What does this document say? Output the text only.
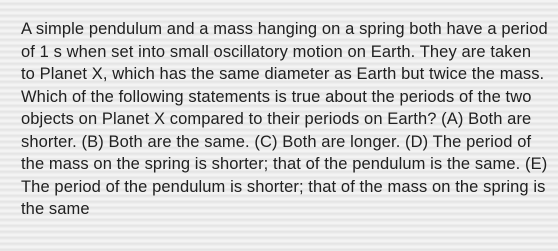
A simple pendulum and a mass hanging on a spring both have a period of 1 s when set into small oscillatory motion on Earth. They are taken to Planet X, which has the same diameter as Earth but twice the mass. Which of the following statements is true about the periods of the two objects on Planet X compared to their periods on Earth? (A) Both are shorter. (B) Both are the same. (C) Both are longer. (D) The period of the mass on the spring is shorter; that of the pendulum is the same. (E) The period of the pendulum is shorter; that of the mass on the spring is the same
